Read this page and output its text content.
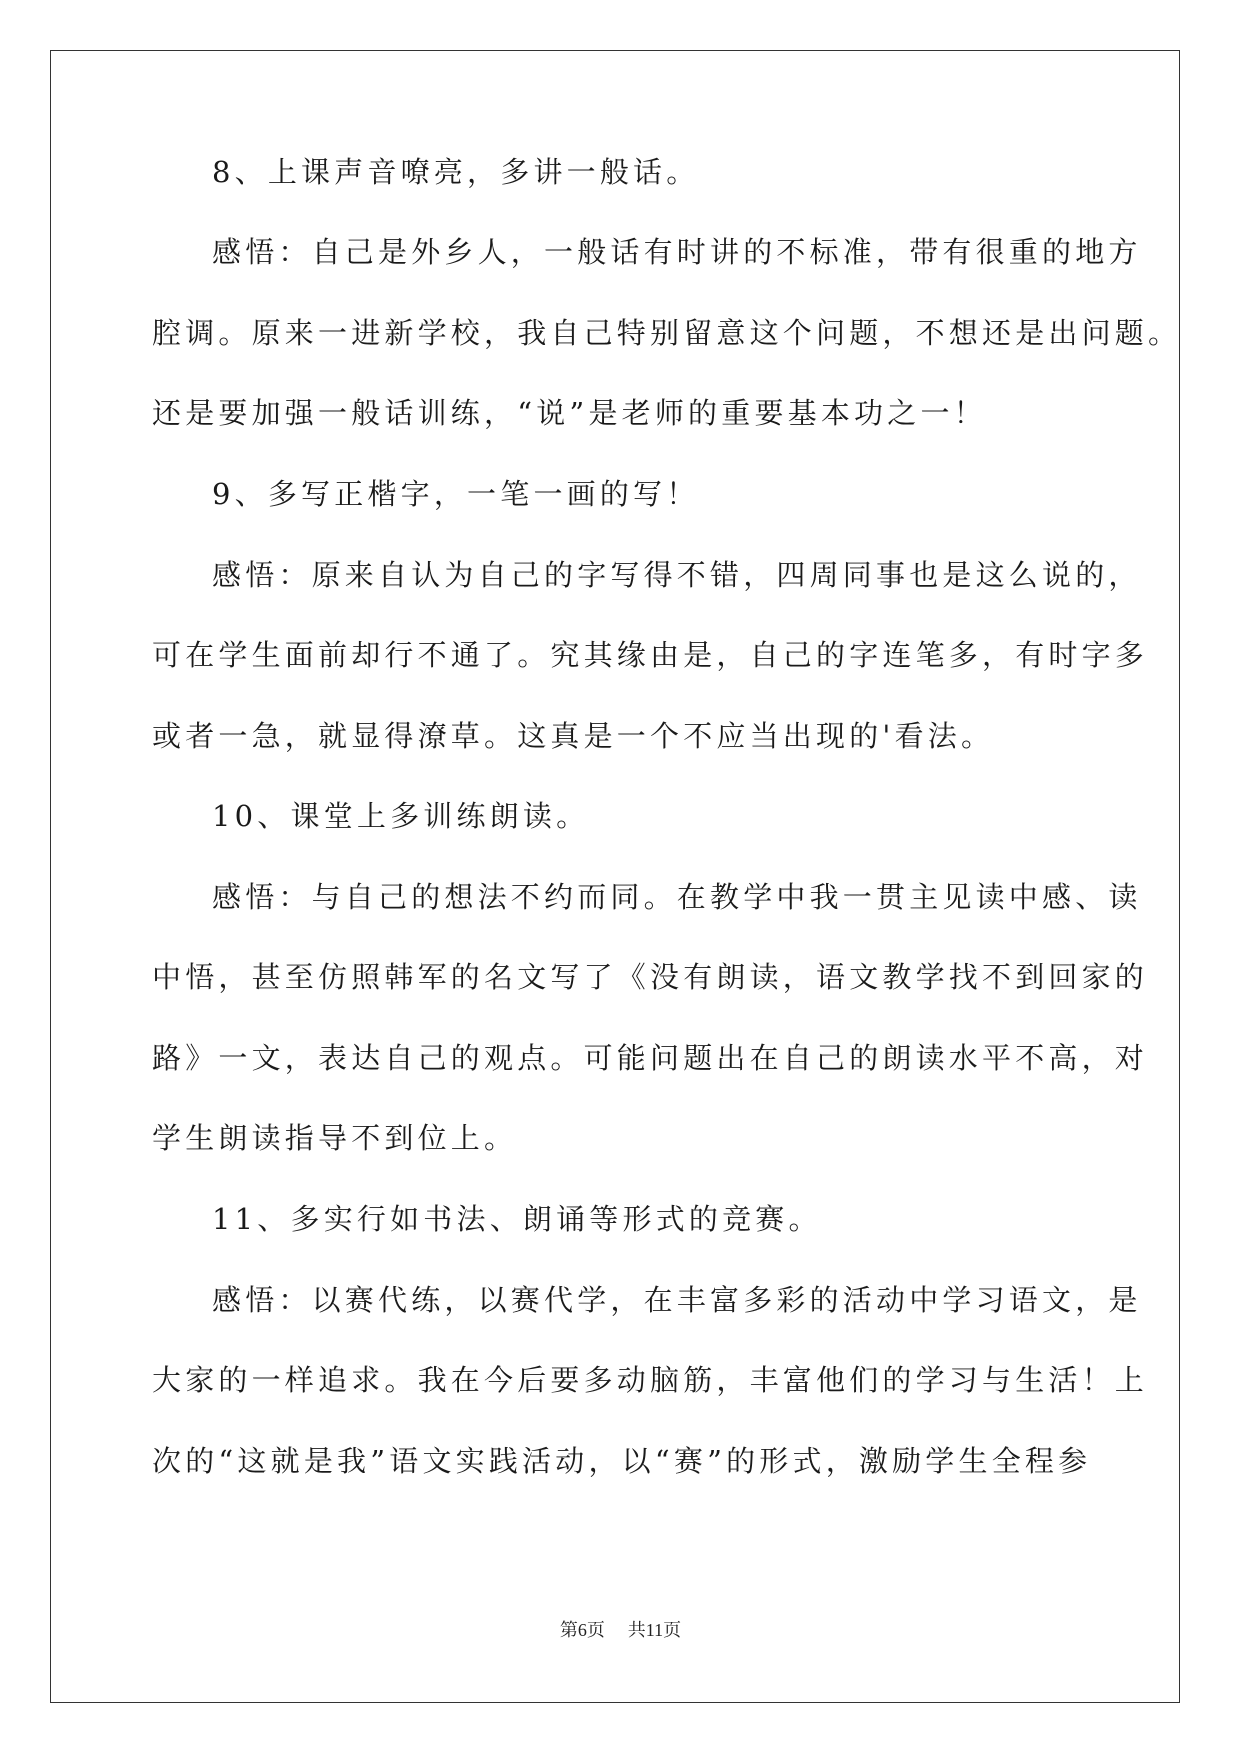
8、上课声音嘹亮，多讲一般话。

感悟：自己是外乡人，一般话有时讲的不标准，带有很重的地方

腔调。原来一进新学校，我自己特别留意这个问题，不想还是出问题。

还是要加强一般话训练，“说”是老师的重要基本功之一！

9、多写正楷字，一笔一画的写！

感悟：原来自认为自己的字写得不错，四周同事也是这么说的，

可在学生面前却行不通了。究其缘由是，自己的字连笔多，有时字多

或者一急，就显得潦草。这真是一个不应当出现的'看法。

10、课堂上多训练朗读。

感悟：与自己的想法不约而同。在教学中我一贯主见读中感、读

中悟，甚至仿照韩军的名文写了《没有朗读，语文教学找不到回家的

路》一文，表达自己的观点。可能问题出在自己的朗读水平不高，对

学生朗读指导不到位上。

11、多实行如书法、朗诵等形式的竞赛。

感悟：以赛代练，以赛代学，在丰富多彩的活动中学习语文，是

大家的一样追求。我在今后要多动脑筋，丰富他们的学习与生活！上

次的“这就是我”语文实践活动，以“赛”的形式，激励学生全程参

第6页 共11页
